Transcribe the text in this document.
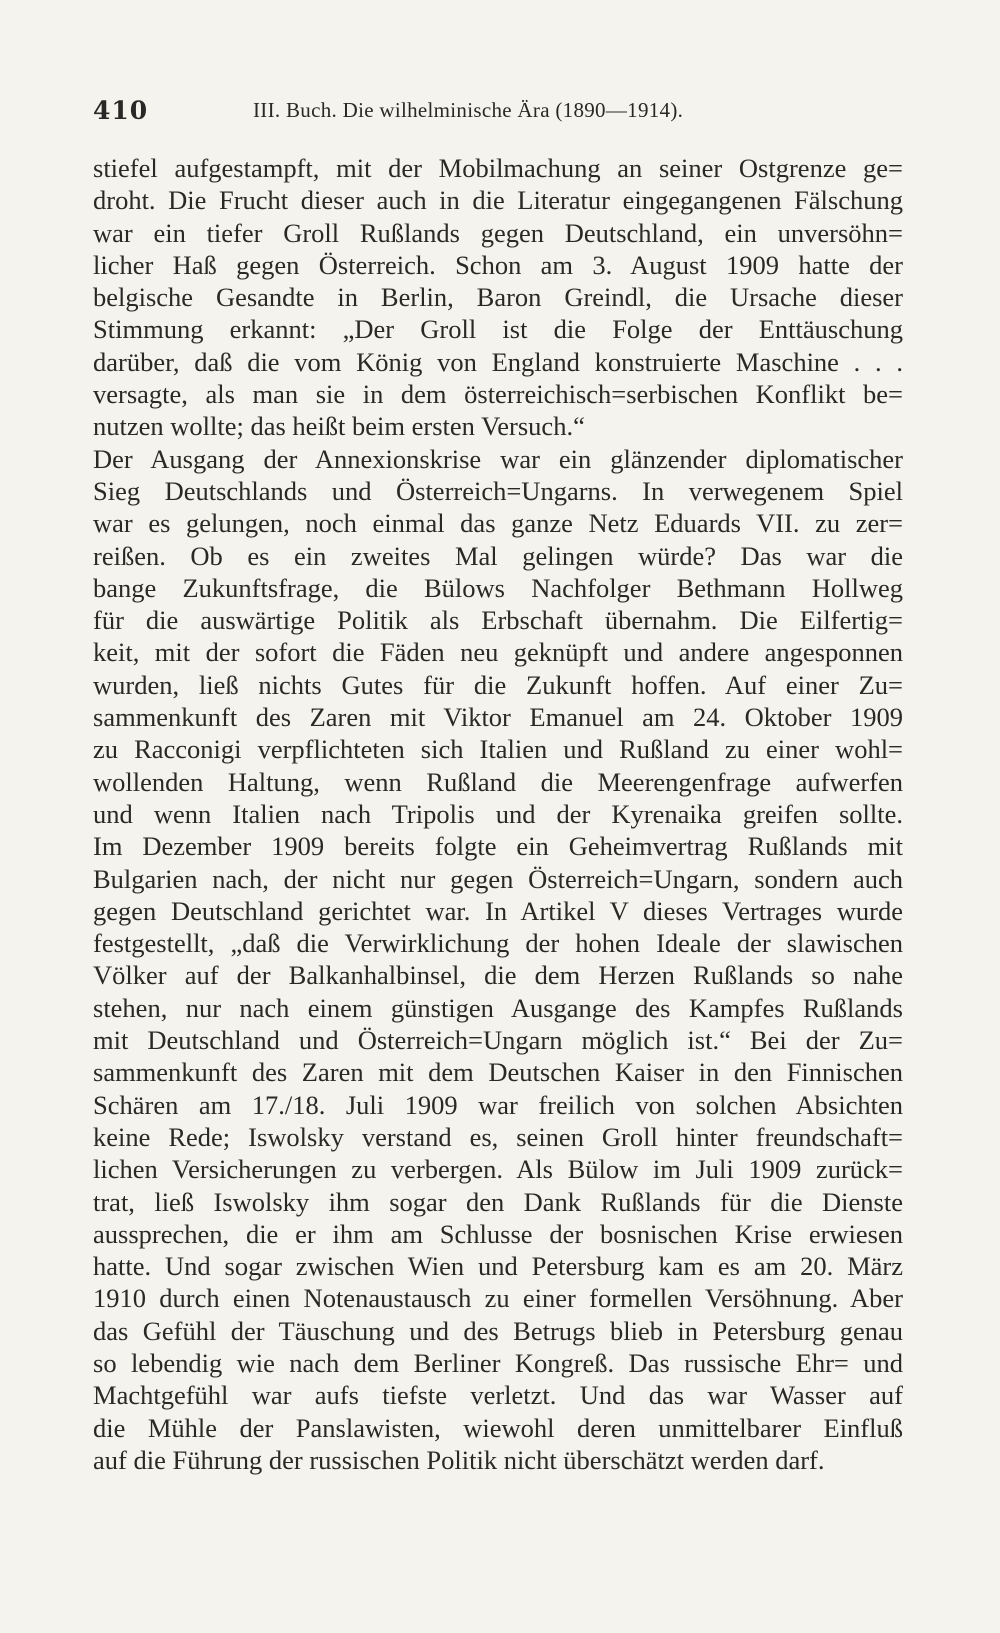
410	III. Buch. Die wilhelminische Ära (1890—1914).
stiefel aufgestampft, mit der Mobilmachung an seiner Ostgrenze ge=
droht. Die Frucht dieser auch in die Literatur eingegangenen Fälschung
war ein tiefer Groll Rußlands gegen Deutschland, ein unversöhn=
licher Haß gegen Österreich. Schon am 3. August 1909 hatte der
belgische Gesandte in Berlin, Baron Greindl, die Ursache dieser
Stimmung erkannt: „Der Groll ist die Folge der Enttäuschung
darüber, daß die vom König von England konstruierte Maschine . . .
versagte, als man sie in dem österreichisch=serbischen Konflikt be=
nutzen wollte; das heißt beim ersten Versuch.“
Der Ausgang der Annexionskrise war ein glänzender diplomatischer
Sieg Deutschlands und Österreich=Ungarns. In verwegenem Spiel
war es gelungen, noch einmal das ganze Netz Eduards VII. zu zer=
reißen. Ob es ein zweites Mal gelingen würde? Das war die
bange Zukunftsfrage, die Bülows Nachfolger Bethmann Hollweg
für die auswärtige Politik als Erbschaft übernahm. Die Eilfertig=
keit, mit der sofort die Fäden neu geknüpft und andere angesponnen
wurden, ließ nichts Gutes für die Zukunft hoffen. Auf einer Zu=
sammenkunft des Zaren mit Viktor Emanuel am 24. Oktober 1909
zu Racconigi verpflichteten sich Italien und Rußland zu einer wohl=
wollenden Haltung, wenn Rußland die Meerengenfrage aufwerfen
und wenn Italien nach Tripolis und der Kyrenaika greifen sollte.
Im Dezember 1909 bereits folgte ein Geheimvertrag Rußlands mit
Bulgarien nach, der nicht nur gegen Österreich=Ungarn, sondern auch
gegen Deutschland gerichtet war. In Artikel V dieses Vertrages wurde
festgestellt, „daß die Verwirklichung der hohen Ideale der slawischen
Völker auf der Balkanhalbinsel, die dem Herzen Rußlands so nahe
stehen, nur nach einem günstigen Ausgange des Kampfes Rußlands
mit Deutschland und Österreich=Ungarn möglich ist.“ Bei der Zu=
sammenkunft des Zaren mit dem Deutschen Kaiser in den Finnischen
Schären am 17./18. Juli 1909 war freilich von solchen Absichten
keine Rede; Iswolsky verstand es, seinen Groll hinter freundschaft=
lichen Versicherungen zu verbergen. Als Bülow im Juli 1909 zurück=
trat, ließ Iswolsky ihm sogar den Dank Rußlands für die Dienste
aussprechen, die er ihm am Schlusse der bosnischen Krise erwiesen
hatte. Und sogar zwischen Wien und Petersburg kam es am 20. März
1910 durch einen Notenaustausch zu einer formellen Versöhnung. Aber
das Gefühl der Täuschung und des Betrugs blieb in Petersburg genau
so lebendig wie nach dem Berliner Kongreß. Das russische Ehr= und
Machtgefühl war aufs tiefste verletzt. Und das war Wasser auf
die Mühle der Panslawisten, wiewohl deren unmittelbarer Einfluß
auf die Führung der russischen Politik nicht überschätzt werden darf.
